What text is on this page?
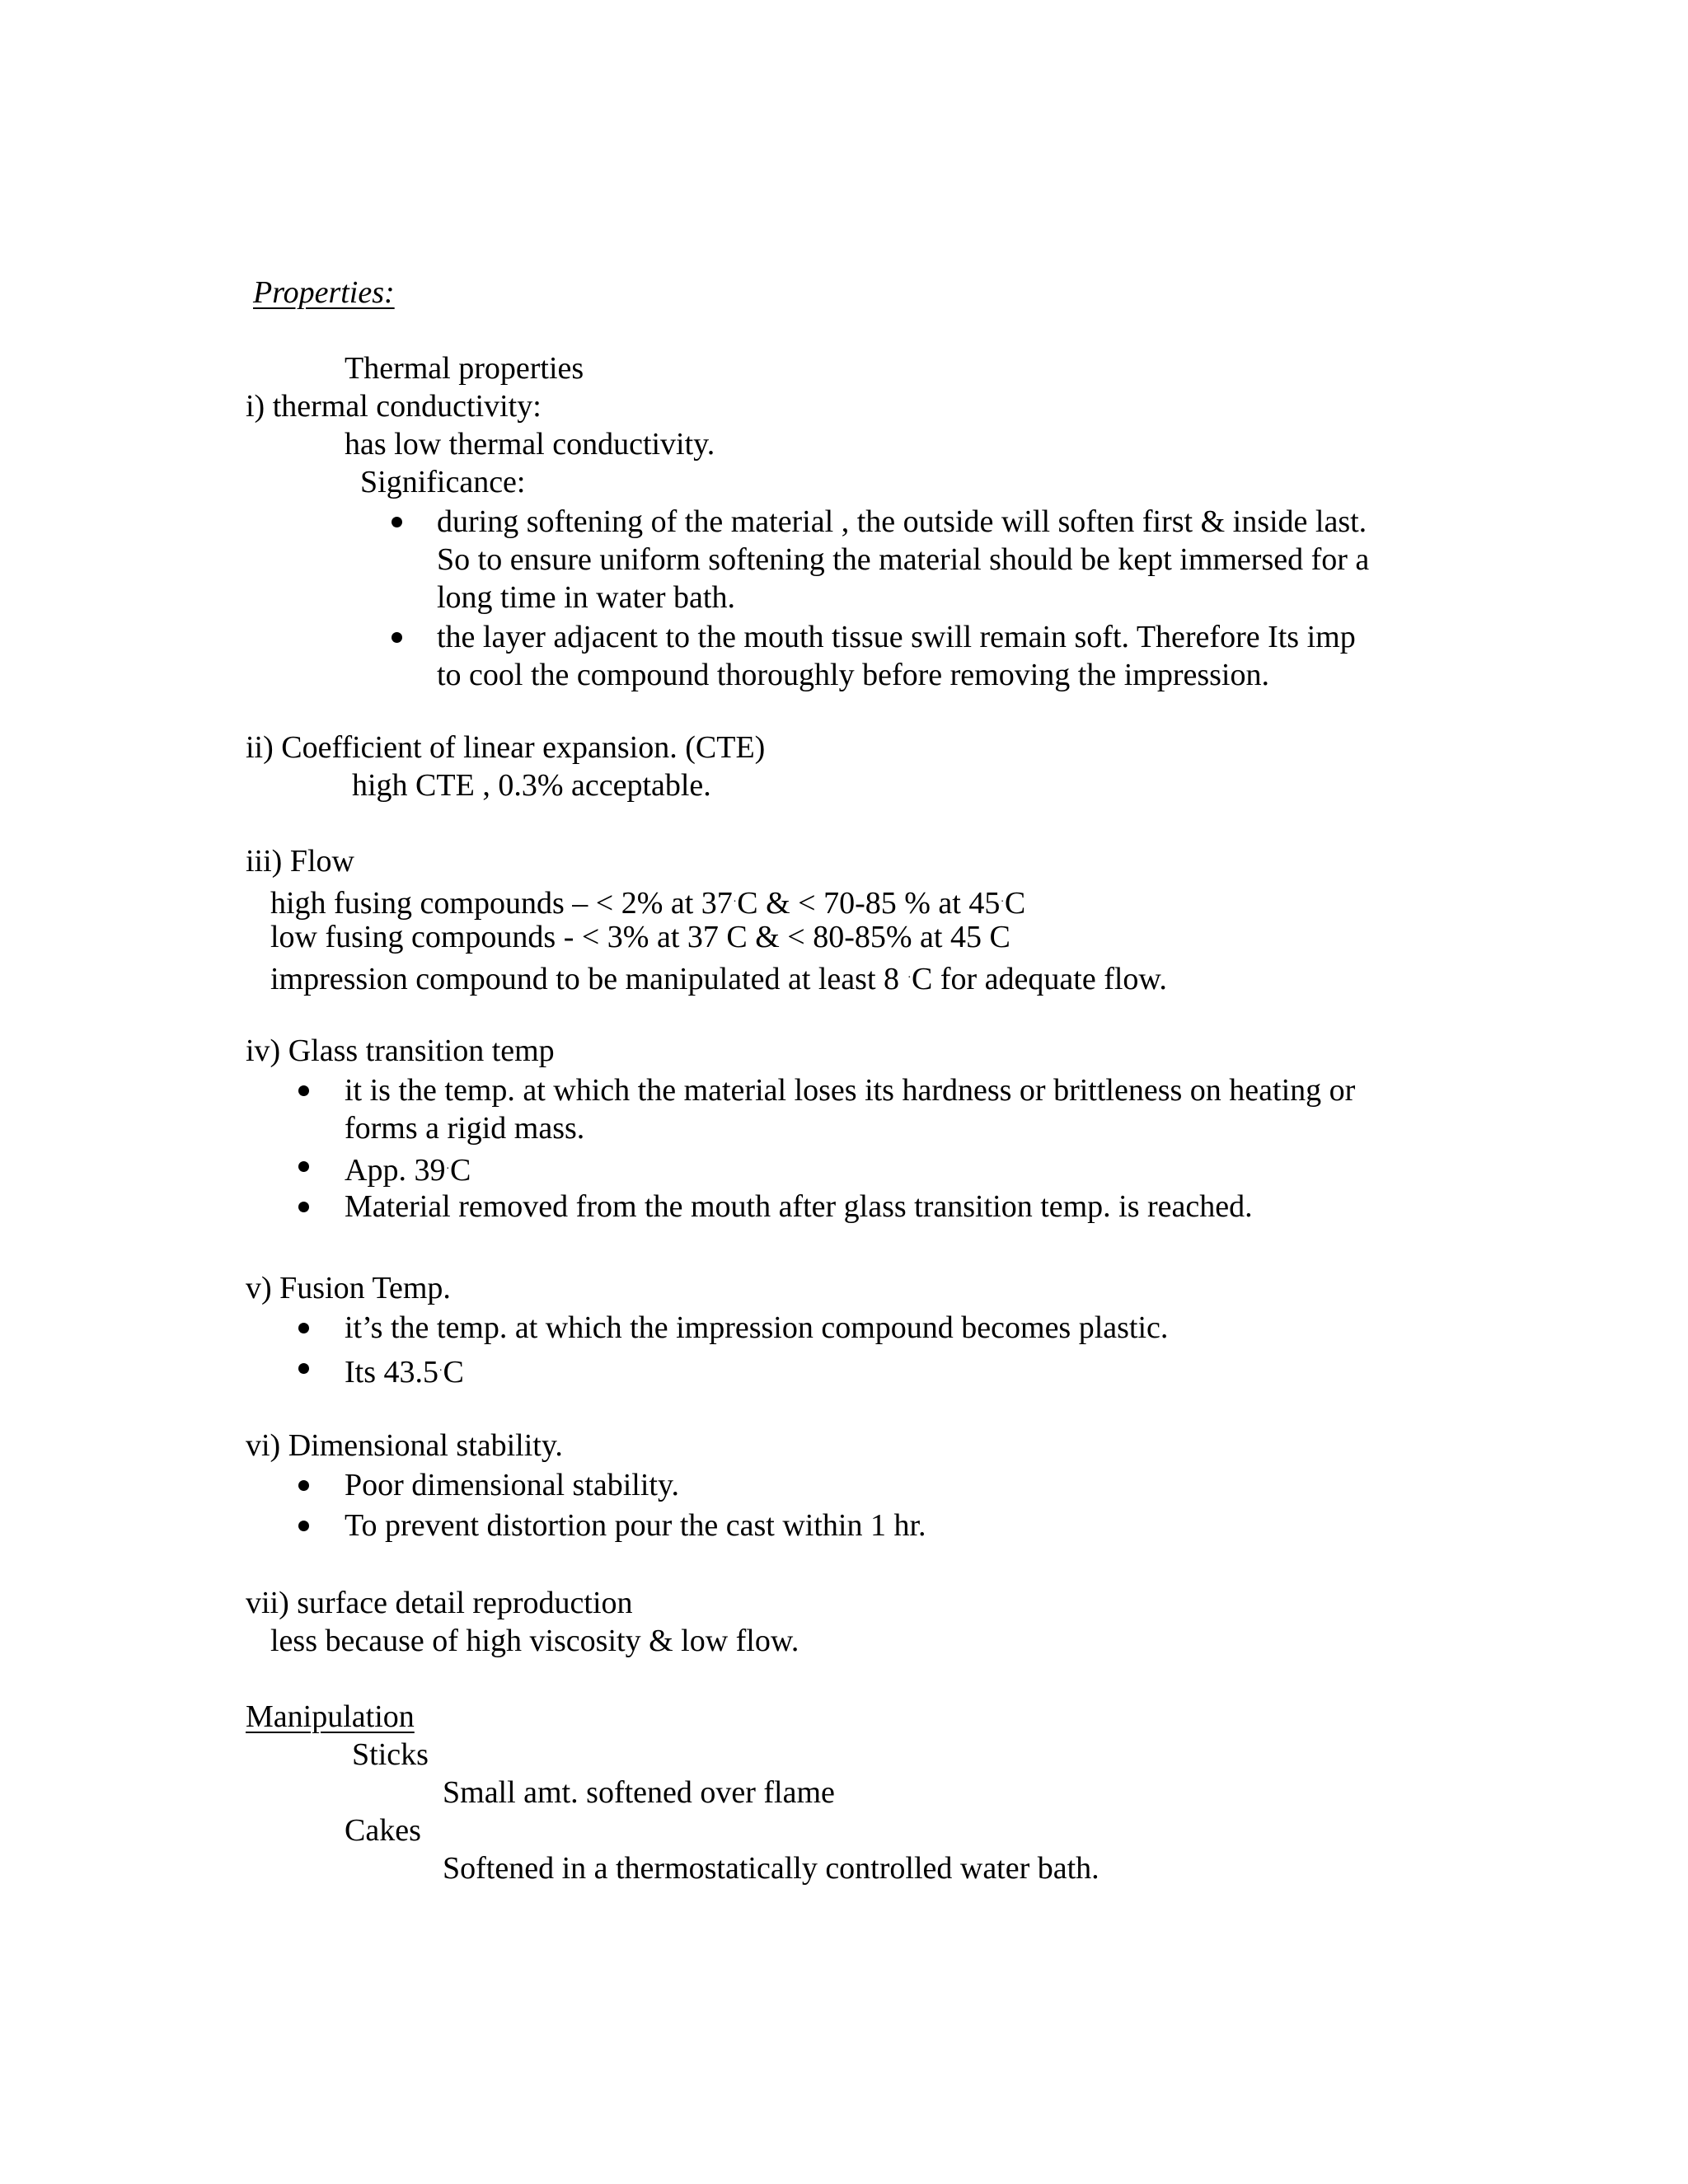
Properties:
Thermal properties
i) thermal conductivity:
has low thermal conductivity.
Significance:
during softening of the material , the outside will soften first & inside last.
So to ensure uniform softening the material should be kept immersed for a
long time in water bath.
the layer adjacent to the mouth tissue swill remain soft. Therefore Its imp
to cool the compound thoroughly before removing the impression.
ii) Coefficient of linear expansion. (CTE)
high CTE , 0.3% acceptable.
iii) Flow
high fusing compounds – < 2% at 37.C & < 70-85 % at 45.C
low fusing compounds - < 3% at 37 C & < 80-85% at 45 C
impression compound to be manipulated at least 8 .C for adequate flow.
iv) Glass transition temp
it is the temp. at which the material loses its hardness or brittleness on heating or
forms a rigid mass.
App. 39.C
Material removed from the mouth after glass transition temp. is reached.
v) Fusion Temp.
it’s the temp. at which the impression compound becomes plastic.
Its 43.5.C
vi) Dimensional stability.
Poor dimensional stability.
To prevent distortion pour the cast within 1 hr.
vii) surface detail reproduction
less because of high viscosity & low flow.
Manipulation
Sticks
Small amt. softened over flame
Cakes
Softened in a thermostatically controlled water bath.
